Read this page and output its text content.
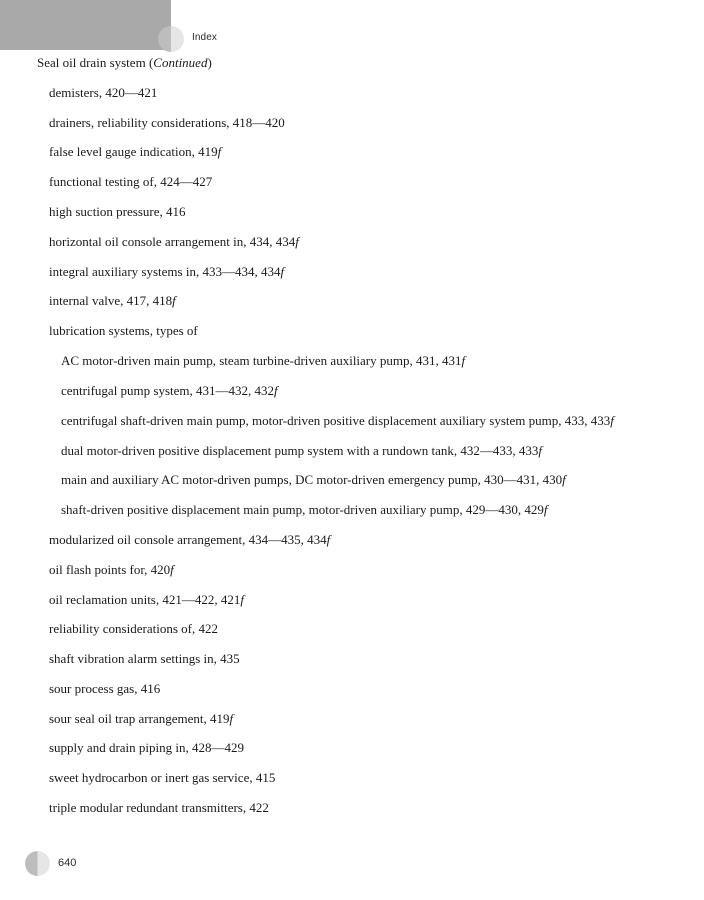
Index
Seal oil drain system (Continued)
demisters, 420—421
drainers, reliability considerations, 418—420
false level gauge indication, 419f
functional testing of, 424—427
high suction pressure, 416
horizontal oil console arrangement in, 434, 434f
integral auxiliary systems in, 433—434, 434f
internal valve, 417, 418f
lubrication systems, types of
AC motor-driven main pump, steam turbine-driven auxiliary pump, 431, 431f
centrifugal pump system, 431—432, 432f
centrifugal shaft-driven main pump, motor-driven positive displacement auxiliary system pump, 433, 433f
dual motor-driven positive displacement pump system with a rundown tank, 432—433, 433f
main and auxiliary AC motor-driven pumps, DC motor-driven emergency pump, 430—431, 430f
shaft-driven positive displacement main pump, motor-driven auxiliary pump, 429—430, 429f
modularized oil console arrangement, 434—435, 434f
oil flash points for, 420f
oil reclamation units, 421—422, 421f
reliability considerations of, 422
shaft vibration alarm settings in, 435
sour process gas, 416
sour seal oil trap arrangement, 419f
supply and drain piping in, 428—429
sweet hydrocarbon or inert gas service, 415
triple modular redundant transmitters, 422
640
